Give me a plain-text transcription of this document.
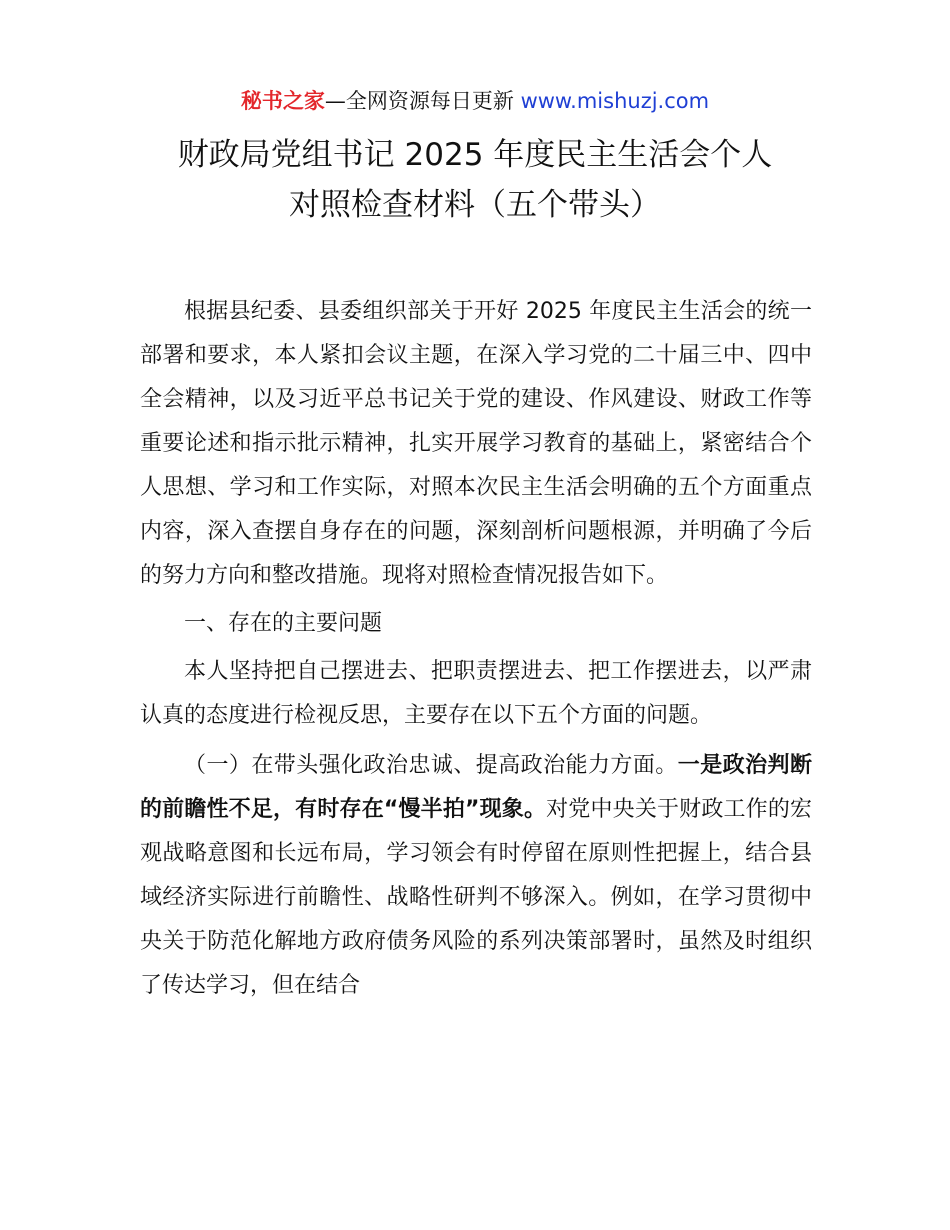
秘书之家—全网资源每日更新 www.mishuzj.com
财政局党组书记 2025 年度民主生活会个人
对照检查材料（五个带头）

根据县纪委、县委组织部关于开好 2025 年度民主生活会的统一部署和要求，本人紧扣会议主题，在深入学习党的二十届三中、四中全会精神，以及习近平总书记关于党的建设、作风建设、财政工作等重要论述和指示批示精神，扎实开展学习教育的基础上，紧密结合个人思想、学习和工作实际，对照本次民主生活会明确的五个方面重点内容，深入查摆自身存在的问题，深刻剖析问题根源，并明确了今后的努力方向和整改措施。现将对照检查情况报告如下。

一、存在的主要问题

本人坚持把自己摆进去、把职责摆进去、把工作摆进去，以严肃认真的态度进行检视反思，主要存在以下五个方面的问题。

（一）在带头强化政治忠诚、提高政治能力方面。一是政治判断的前瞻性不足，有时存在“慢半拍”现象。对党中央关于财政工作的宏观战略意图和长远布局，学习领会有时停留在原则性把握上，结合县域经济实际进行前瞻性、战略性研判不够深入。例如，在学习贯彻中央关于防范化解地方政府债务风险的系列决策部署时，虽然及时组织了传达学习，但在结合
